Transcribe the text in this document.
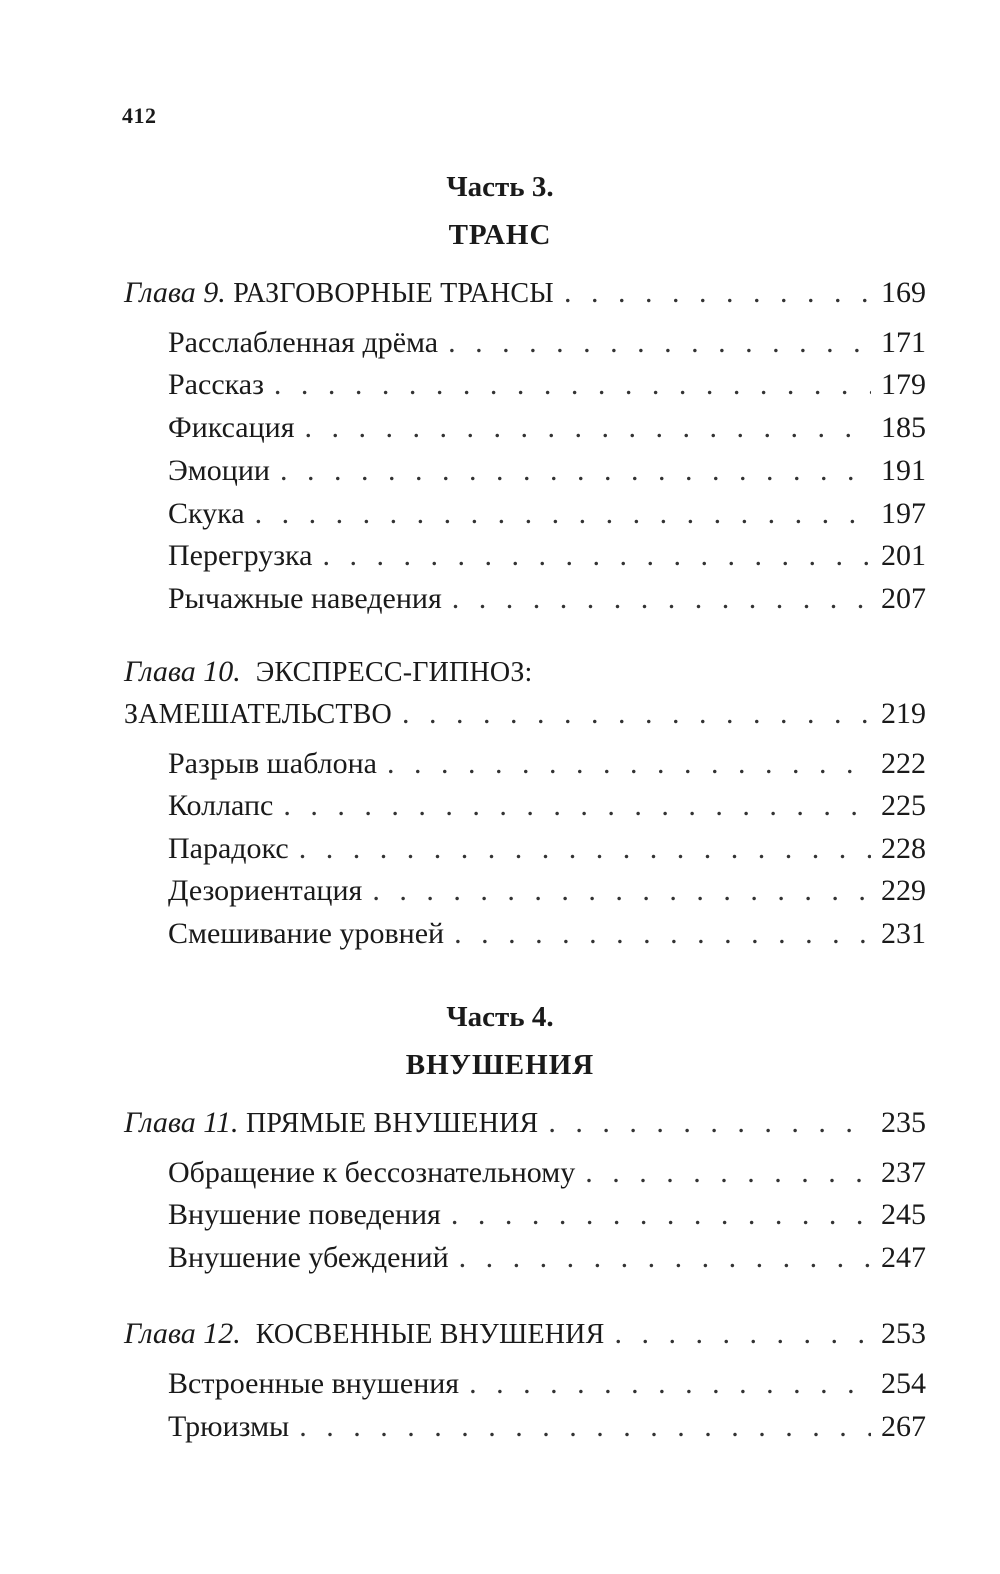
412
Часть 3.
ТРАНС
Глава 9. РАЗГОВОРНЫЕ ТРАНСЫ . . .	169
Расслабленная дрёма . . .	171
Рассказ . . .	179
Фиксация . . .	185
Эмоции . . .	191
Скука . . .	197
Перегрузка . . .	201
Рычажные наведения . . .	207
Глава 10. ЭКСПРЕСС-ГИПНОЗ:
ЗАМЕШАТЕЛЬСТВО . . .	219
Разрыв шаблона . . .	222
Коллапс . . .	225
Парадокс . . .	228
Дезориентация . . .	229
Смешивание уровней . . .	231
Часть 4.
ВНУШЕНИЯ
Глава 11. ПРЯМЫЕ ВНУШЕНИЯ . . .	235
Обращение к бессознательному . . .	237
Внушение поведения . . .	245
Внушение убеждений . . .	247
Глава 12. КОСВЕННЫЕ ВНУШЕНИЯ . . .	253
Встроенные внушения . . .	254
Трюизмы . . .	267
